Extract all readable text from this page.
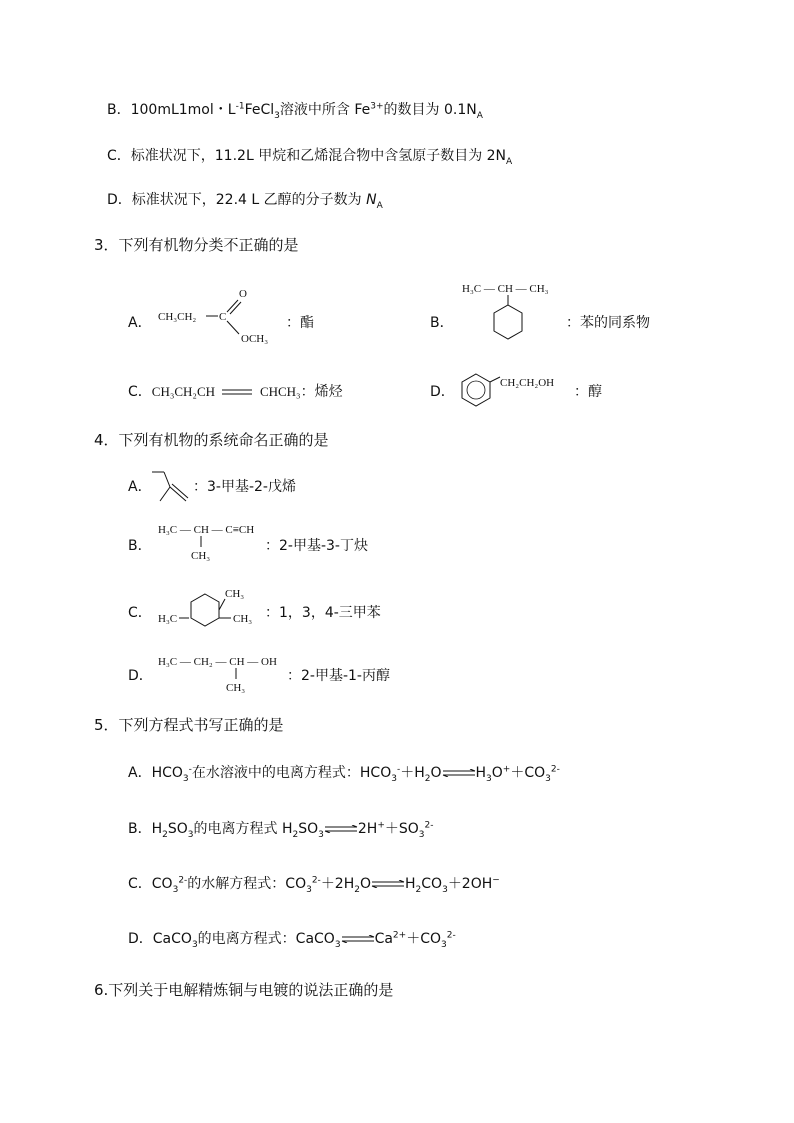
B．100mL1mol・$L^{-1}FeCl_3$溶液中所含 $Fe^{3+}$的数目为 $0.1N_A$
C．标准状况下，11.2L 甲烷和乙烯混合物中含氢原子数目为 $2N_A$
D．标准状况下，22.4 L 乙醇的分子数为 $N_A$
3．下列有机物分类不正确的是
A． CH₃CH₂ C
O
OCH₃
：酯	B．
H₃C — CH — CH₃
：苯的同系物
C．CH₃CH₂CH	CHCH₃：烯烃	D．
CH₂CH₂OH
：醇
4．下列有机物的系统命名正确的是
A．	：3-甲基-2-戊烯
B．
H₃C — CH — C≡CH
CH₃
：2-甲基-3-丁炔
C． H₃C
CH₃
CH₃ ：1，3，4-三甲苯
D．
H₃C — CH₂ — CH — OH
CH₃
：2-甲基-1-丙醇
5．下列方程式书写正确的是
A．$HCO_3^-$在水溶液中的电离方程式：$HCO_3^-+H_2O\rightleftharpoons H_3O^++CO_3^{2-}$
B．$H_2SO_3$的电离方程式 $H_2SO_3$ $\rightleftharpoons 2H^++SO_3^{2-}$
C．$CO_3^{2-}$的水解方程式：$CO_3^{2-}+2H_2O\rightleftharpoons H_2CO_3+2OH^-$
D．CaCO$_3$的电离方程式：CaCO$_3$ $\rightleftharpoons Ca^{2+}+CO_3^{2-}$
6.下列关于电解精炼铜与电镀的说法正确的是
